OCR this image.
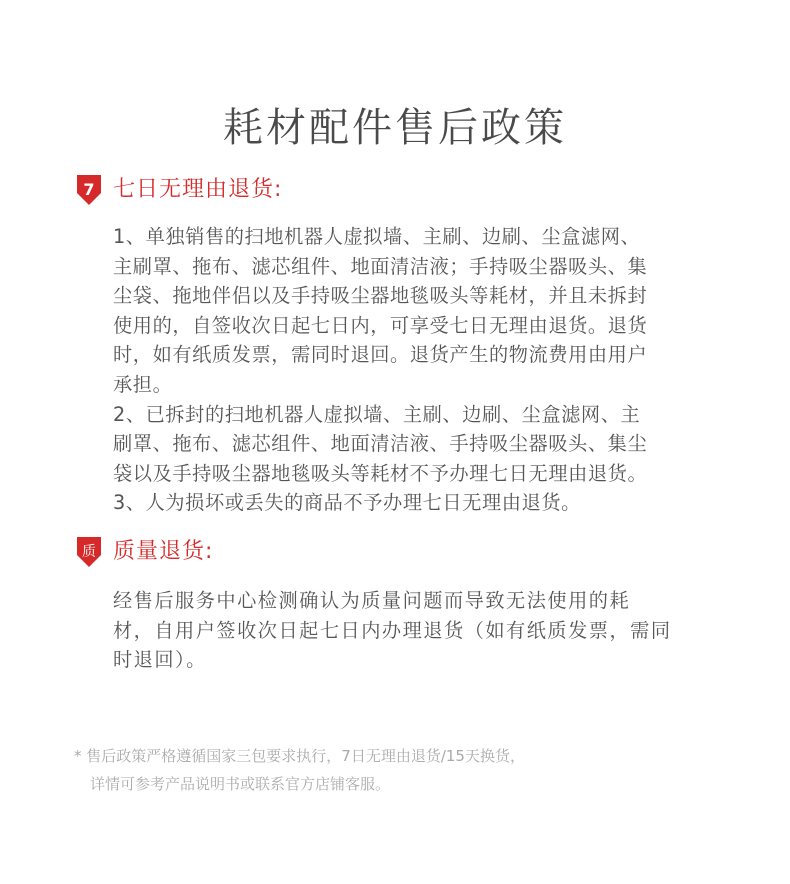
耗材配件售后政策
7 七日无理由退货:

1、单独销售的扫地机器人虚拟墙、主刷、边刷、尘盒滤网、
主刷罩、拖布、滤芯组件、地面清洁液；手持吸尘器吸头、集
尘袋、拖地伴侣以及手持吸尘器地毯吸头等耗材，并且未拆封
使用的，自签收次日起七日内，可享受七日无理由退货。退货
时，如有纸质发票，需同时退回。退货产生的物流费用由用户
承担。

2、已拆封的扫地机器人虚拟墙、主刷、边刷、尘盒滤网、主
刷罩、拖布、滤芯组件、地面清洁液、手持吸尘器吸头、集尘
袋以及手持吸尘器地毯吸头等耗材不予办理七日无理由退货。

3、人为损坏或丢失的商品不予办理七日无理由退货。

质 质量退货:

经售后服务中心检测确认为质量问题而导致无法使用的耗
材，自用户签收次日起七日内办理退货（如有纸质发票，需同
时退回）。

* 售后政策严格遵循国家三包要求执行，7日无理由退货/15天换货，

详情可参考产品说明书或联系官方店铺客服。
